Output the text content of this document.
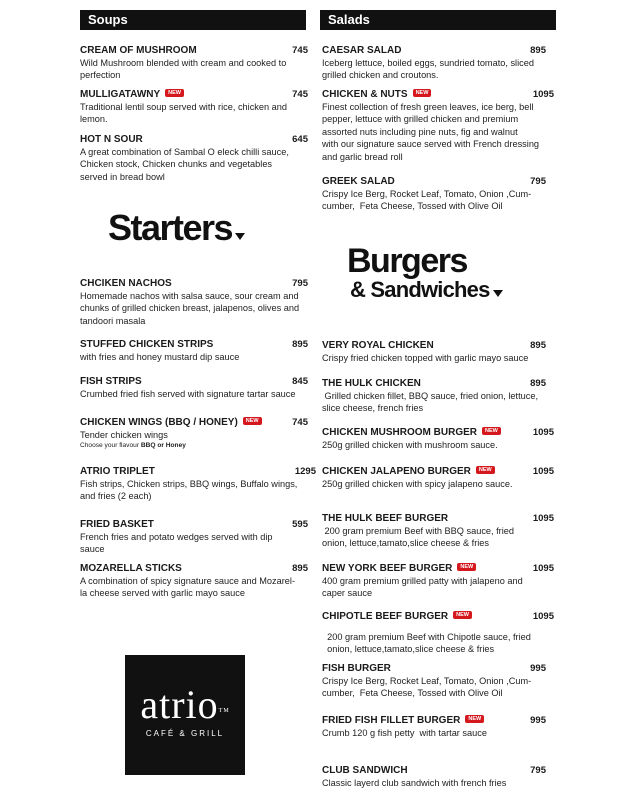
Soups	Salads
Starters
Burgers
& Sandwiches
atrio™
CAFÉ & GRILL
CREAM OF MUSHROOM	745
Wild Mushroom blended with cream and cooked to
perfection
MULLIGATAWNY NEW	745
Traditional lentil soup served with rice, chicken and
lemon.
HOT N SOUR	645
A great combination of Sambal O eleck chilli sauce,
Chicken stock, Chicken chunks and vegetables
served in bread bowl
CAESAR SALAD	895
Iceberg lettuce, boiled eggs, sundried tomato, sliced
grilled chicken and croutons.
CHICKEN & NUTS NEW	1095
Finest collection of fresh green leaves, ice berg, bell
pepper, lettuce with grilled chicken and premium
assorted nuts including pine nuts, fig and walnut
with our signature sauce served with French dressing
and garlic bread roll
GREEK SALAD	795
Crispy Ice Berg, Rocket Leaf, Tomato, Onion ,Cum-
cumber,  Feta Cheese, Tossed with Olive Oil
CHCIKEN NACHOS	795
Homemade nachos with salsa sauce, sour cream and
chunks of grilled chicken breast, jalapenos, olives and
tandoori masala
STUFFED CHICKEN STRIPS	895
with fries and honey mustard dip sauce
FISH STRIPS	845
Crumbed fried fish served with signature tartar sauce
CHICKEN WINGS (BBQ / HONEY) NEW	745
Tender chicken wings
Choose your flavour BBQ or Honey
ATRIO TRIPLET	1295
Fish strips, Chicken strips, BBQ wings, Buffalo wings,
and fries (2 each)
FRIED BASKET	595
French fries and potato wedges served with dip
sauce
MOZARELLA STICKS	895
A combination of spicy signature sauce and Mozarel-
la cheese served with garlic mayo sauce
VERY ROYAL CHICKEN	895
Crispy fried chicken topped with garlic mayo sauce
THE HULK CHICKEN	895
Grilled chicken fillet, BBQ sauce, fried onion, lettuce,
slice cheese, french fries
CHICKEN MUSHROOM BURGER NEW	1095
250g grilled chicken with mushroom sauce.
CHICKEN JALAPENO BURGER NEW	1095
250g grilled chicken with spicy jalapeno sauce.
THE HULK BEEF BURGER	1095
200 gram premium Beef with BBQ sauce, fried
onion, lettuce,tamato,slice cheese & fries
NEW YORK BEEF BURGER NEW	1095
400 gram premium grilled patty with jalapeno and
caper sauce
CHIPOTLE BEEF BURGER NEW	1095
200 gram premium Beef with Chipotle sauce, fried
onion, lettuce,tamato,slice cheese & fries
FISH BURGER	995
Crispy Ice Berg, Rocket Leaf, Tomato, Onion ,Cum-
cumber,  Feta Cheese, Tossed with Olive Oil
FRIED FISH FILLET BURGER NEW	995
Crumb 120 g fish petty  with tartar sauce
CLUB SANDWICH	795
Classic layerd club sandwich with french fries
